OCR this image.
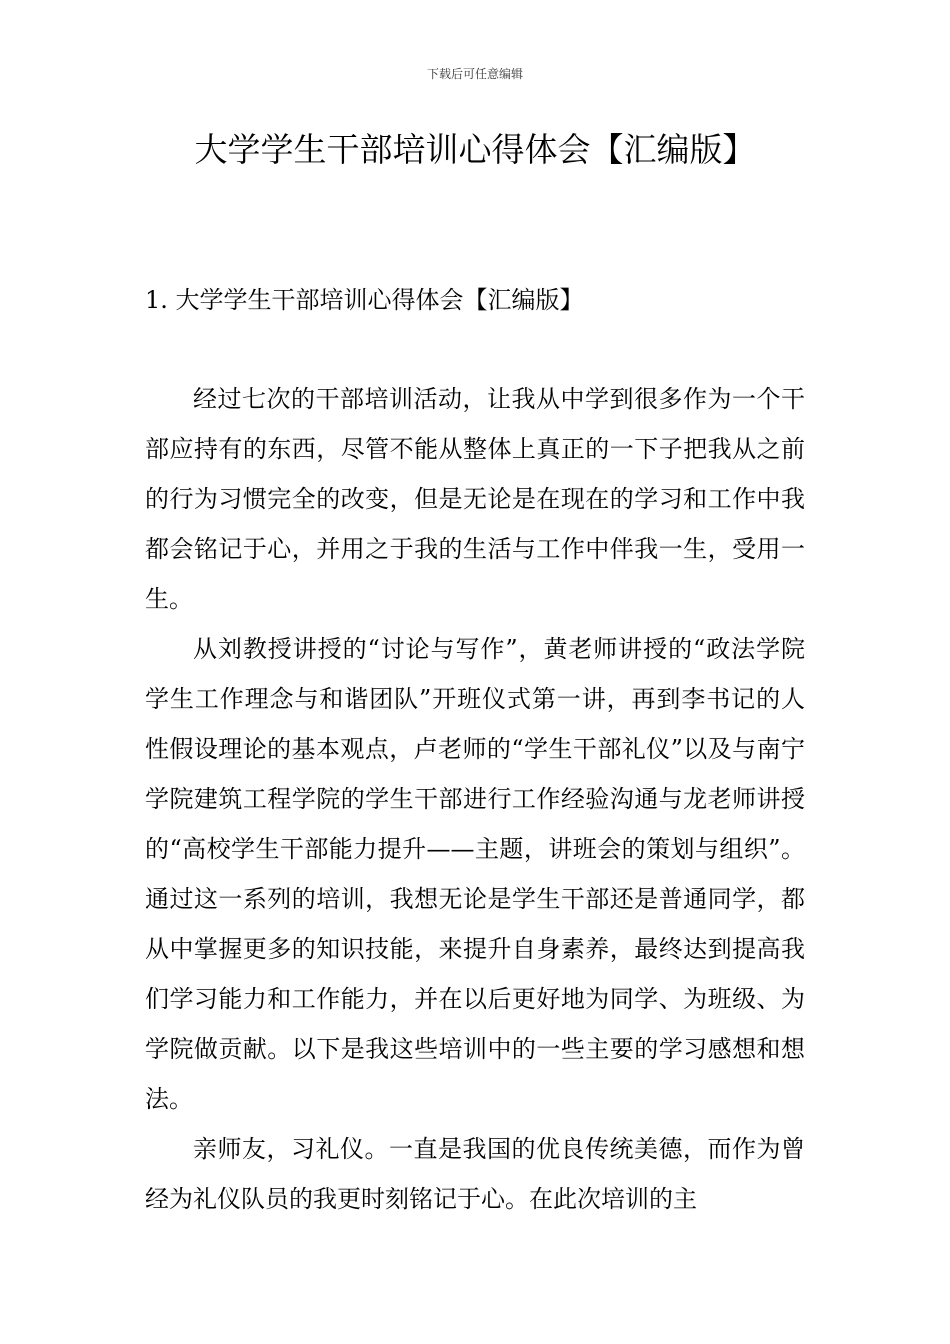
下载后可任意编辑
大学学生干部培训心得体会【汇编版】
1. 大学学生干部培训心得体会【汇编版】

经过七次的干部培训活动，让我从中学到很多作为一个干部应持有的东西，尽管不能从整体上真正的一下子把我从之前的行为习惯完全的改变，但是无论是在现在的学习和工作中我都会铭记于心，并用之于我的生活与工作中伴我一生，受用一生。

从刘教授讲授的“讨论与写作”，黄老师讲授的“政法学院学生工作理念与和谐团队”开班仪式第一讲，再到李书记的人性假设理论的基本观点，卢老师的“学生干部礼仪”以及与南宁学院建筑工程学院的学生干部进行工作经验沟通与龙老师讲授的“高校学生干部能力提升——主题，讲班会的策划与组织”。通过这一系列的培训，我想无论是学生干部还是普通同学，都从中掌握更多的知识技能，来提升自身素养，最终达到提高我们学习能力和工作能力，并在以后更好地为同学、为班级、为学院做贡献。以下是我这些培训中的一些主要的学习感想和想法。

亲师友，习礼仪。一直是我国的优良传统美德，而作为曾经为礼仪队员的我更时刻铭记于心。在此次培训的主
